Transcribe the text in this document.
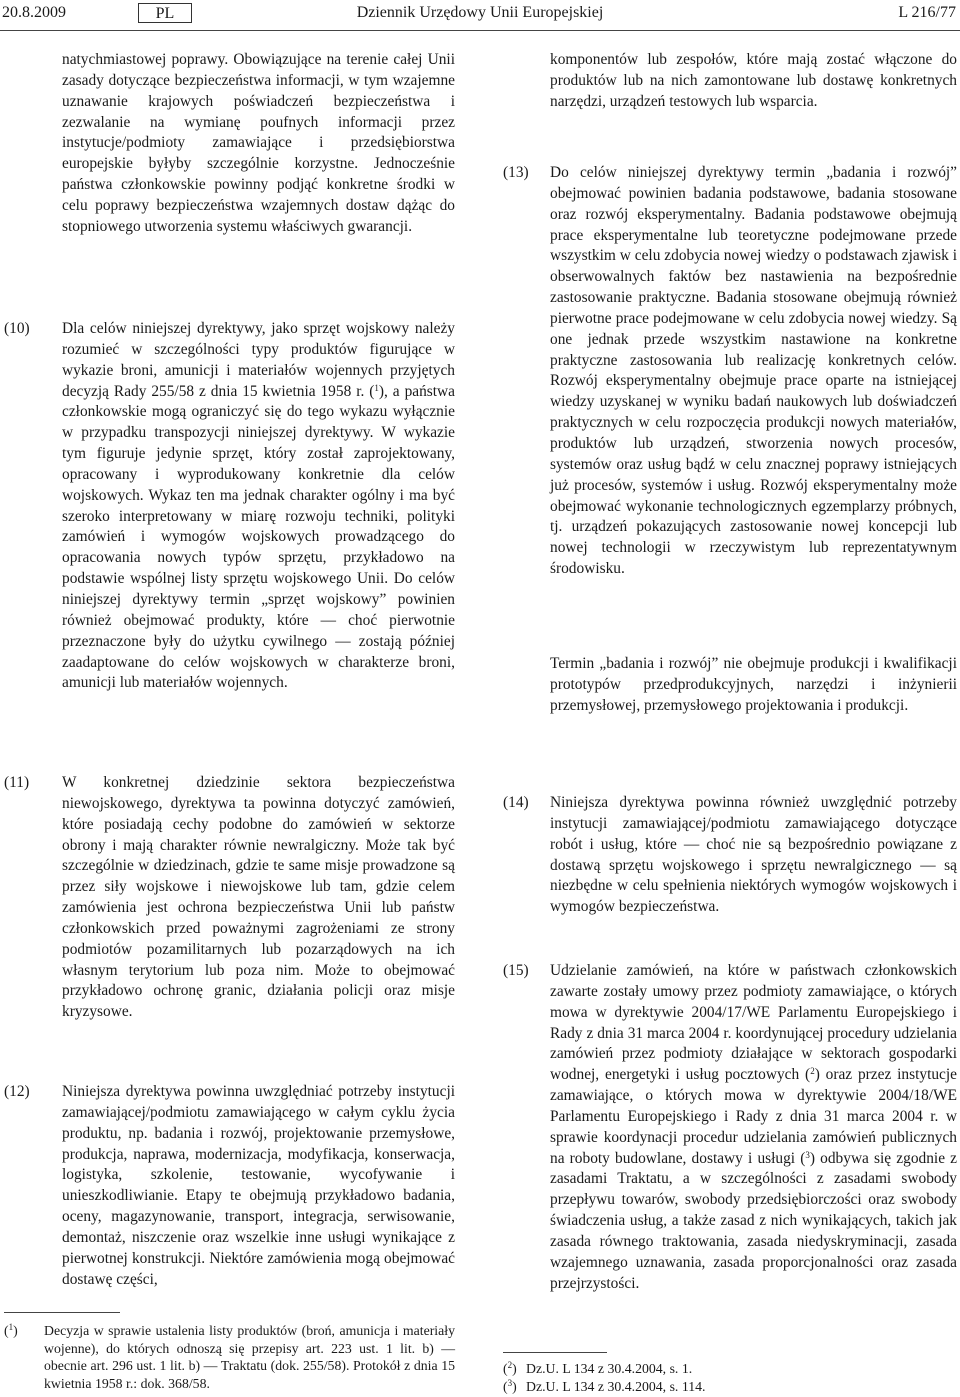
20.8.2009	PL	Dziennik Urzędowy Unii Europejskiej	L 216/77

natychmiastowej poprawy. Obowiązujące na terenie całej Unii zasady dotyczące bezpieczeństwa informacji, w tym wzajemne uznawanie krajowych poświadczeń bezpieczeństwa i zezwalanie na wymianę poufnych informacji przez instytucje/podmioty zamawiające i przedsiębiorstwa europejskie byłyby szczególnie korzystne. Jednocześnie państwa członkowskie powinny podjąć konkretne środki w celu poprawy bezpieczeństwa wzajemnych dostaw dążąc do stopniowego utworzenia systemu właściwych gwarancji.

(10) Dla celów niniejszej dyrektywy, jako sprzęt wojskowy należy rozumieć w szczególności typy produktów figurujące w wykazie broni, amunicji i materiałów wojennych przyjętych decyzją Rady 255/58 z dnia 15 kwietnia 1958 r. ($^1$), a państwa członkowskie mogą ograniczyć się do tego wykazu wyłącznie w przypadku transpozycji niniejszej dyrektywy. W wykazie tym figuruje jedynie sprzęt, który został zaprojektowany, opracowany i wyprodukowany konkretnie dla celów wojskowych. Wykaz ten ma jednak charakter ogólny i ma być szeroko interpretowany w miarę rozwoju techniki, polityki zamówień i wymogów wojskowych prowadzącego do opracowania nowych typów sprzętu, przykładowo na podstawie wspólnej listy sprzętu wojskowego Unii. Do celów niniejszej dyrektywy termin „sprzęt wojskowy” powinien również obejmować produkty, które — choć pierwotnie przeznaczone były do użytku cywilnego — zostają później zaadaptowane do celów wojskowych w charakterze broni, amunicji lub materiałów wojennych.

komponentów lub zespołów, które mają zostać włączone do produktów lub na nich zamontowane lub dostawę konkretnych narzędzi, urządzeń testowych lub wsparcia.

(13) Do celów niniejszej dyrektywy termin „badania i rozwój” obejmować powinien badania podstawowe, badania stosowane oraz rozwój eksperymentalny. Badania podstawowe obejmują prace eksperymentalne lub teoretyczne podejmowane przede wszystkim w celu zdobycia nowej wiedzy o podstawach zjawisk i obserwowalnych faktów bez nastawienia na bezpośrednie zastosowanie praktyczne. Badania stosowane obejmują również pierwotne prace podejmowane w celu zdobycia nowej wiedzy. Są one jednak przede wszystkim nastawione na konkretne praktyczne zastosowania lub realizację konkretnych celów. Rozwój eksperymentalny obejmuje prace oparte na istniejącej wiedzy uzyskanej w wyniku badań naukowych lub doświadczeń praktycznych w celu rozpoczęcia produkcji nowych materiałów, produktów lub urządzeń, stworzenia nowych procesów, systemów oraz usług bądź w celu znacznej poprawy istniejących już procesów, systemów i usług. Rozwój eksperymentalny może obejmować wykonanie technologicznych egzemplarzy próbnych, tj. urządzeń pokazujących zastosowanie nowej koncepcji lub nowej technologii w rzeczywistym lub reprezentatywnym środowisku.

Termin „badania i rozwój” nie obejmuje produkcji i kwalifikacji prototypów przedprodukcyjnych, narzędzi i inżynierii przemysłowej, przemysłowego projektowania i produkcji.

(11) W konkretnej dziedzinie sektora bezpieczeństwa niewojskowego, dyrektywa ta powinna dotyczyć zamówień, które posiadają cechy podobne do zamówień w sektorze obrony i mają charakter równie newralgiczny. Może tak być szczególnie w dziedzinach, gdzie te same misje prowadzone są przez siły wojskowe i niewojskowe lub tam, gdzie celem zamówienia jest ochrona bezpieczeństwa Unii lub państw członkowskich przed poważnymi zagrożeniami ze strony podmiotów pozamilitarnych lub pozarządowych na ich własnym terytorium lub poza nim. Może to obejmować przykładowo ochronę granic, działania policji oraz misje kryzysowe.

(12) Niniejsza dyrektywa powinna uwzględniać potrzeby instytucji zamawiającej/podmiotu zamawiającego w całym cyklu życia produktu, np. badania i rozwój, projektowanie przemysłowe, produkcja, naprawa, modernizacja, modyfikacja, konserwacja, logistyka, szkolenie, testowanie, wycofywanie i unieszkodliwianie. Etapy te obejmują przykładowo badania, oceny, magazynowanie, transport, integracja, serwisowanie, demontaż, niszczenie oraz wszelkie inne usługi wynikające z pierwotnej konstrukcji. Niektóre zamówienia mogą obejmować dostawę części,

(14) Niniejsza dyrektywa powinna również uwzględnić potrzeby instytucji zamawiającej/podmiotu zamawiającego dotyczące robót i usług, które — choć nie są bezpośrednio powiązane z dostawą sprzętu wojskowego i sprzętu newralgicznego — są niezbędne w celu spełnienia niektórych wymogów wojskowych i wymogów bezpieczeństwa.

(15) Udzielanie zamówień, na które w państwach członkowskich zawarte zostały umowy przez podmioty zamawiające, o których mowa w dyrektywie 2004/17/WE Parlamentu Europejskiego i Rady z dnia 31 marca 2004 r. koordynującej procedury udzielania zamówień przez podmioty działające w sektorach gospodarki wodnej, energetyki i usług pocztowych ($^2$) oraz przez instytucje zamawiające, o których mowa w dyrektywie 2004/18/WE Parlamentu Europejskiego i Rady z dnia 31 marca 2004 r. w sprawie koordynacji procedur udzielania zamówień publicznych na roboty budowlane, dostawy i usługi ($^3$) odbywa się zgodnie z zasadami Traktatu, a w szczególności z zasadami swobody przepływu towarów, swobody przedsiębiorczości oraz swobody świadczenia usług, a także zasad z nich wynikających, takich jak zasada równego traktowania, zasada niedyskryminacji, zasada wzajemnego uznawania, zasada proporcjonalności oraz zasada przejrzystości.

($^1$) Decyzja w sprawie ustalenia listy produktów (broń, amunicja i materiały wojenne), do których odnoszą się przepisy art. 223 ust. 1 lit. b) — obecnie art. 296 ust. 1 lit. b) — Traktatu (dok. 255/58). Protokół z dnia 15 kwietnia 1958 r.: dok. 368/58.
($^2$) Dz.U. L 134 z 30.4.2004, s. 1.
($^3$) Dz.U. L 134 z 30.4.2004, s. 114.
